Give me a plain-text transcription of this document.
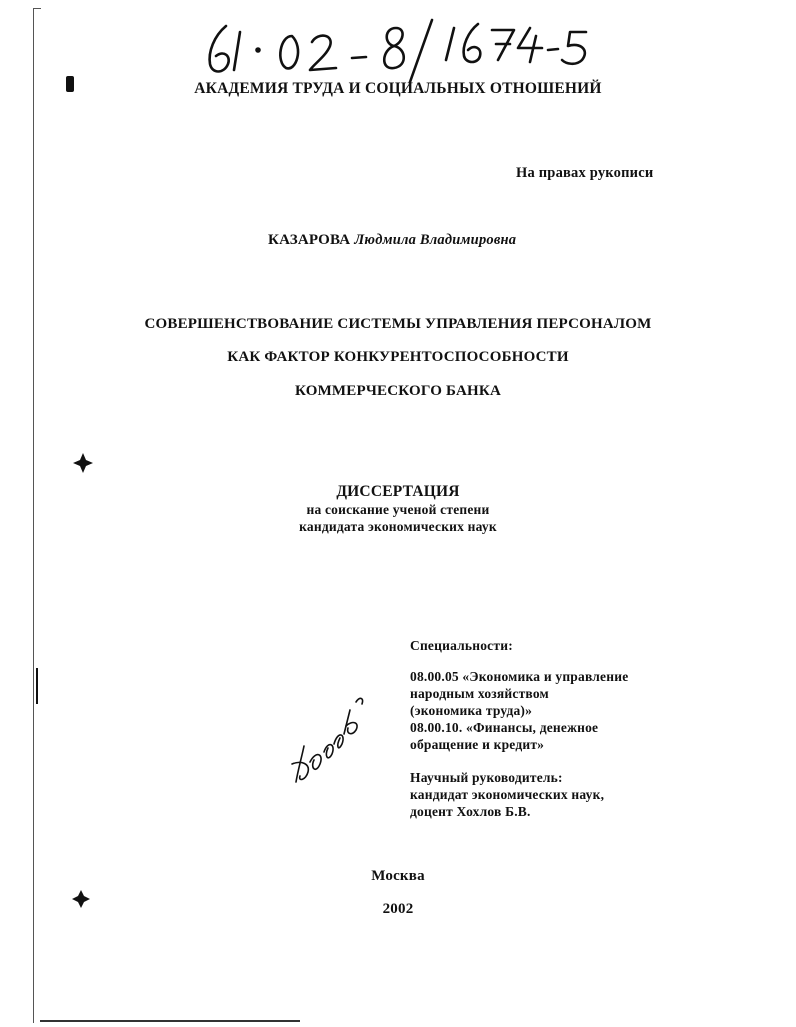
АКАДЕМИЯ ТРУДА И СОЦИАЛЬНЫХ ОТНОШЕНИЙ
На правах рукописи
КАЗАРОВА Людмила Владимировна
СОВЕРШЕНСТВОВАНИЕ СИСТЕМЫ УПРАВЛЕНИЯ ПЕРСОНАЛОМ
КАК ФАКТОР КОНКУРЕНТОСПОСОБНОСТИ
КОММЕРЧЕСКОГО БАНКА
ДИССЕРТАЦИЯ
на соискание ученой степени
кандидата экономических наук
Специальности:
08.00.05 «Экономика и управление
народным хозяйством
(экономика труда)»
08.00.10. «Финансы, денежное
обращение и кредит»
Научный руководитель:
кандидат экономических наук,
доцент Хохлов Б.В.
Москва
2002
